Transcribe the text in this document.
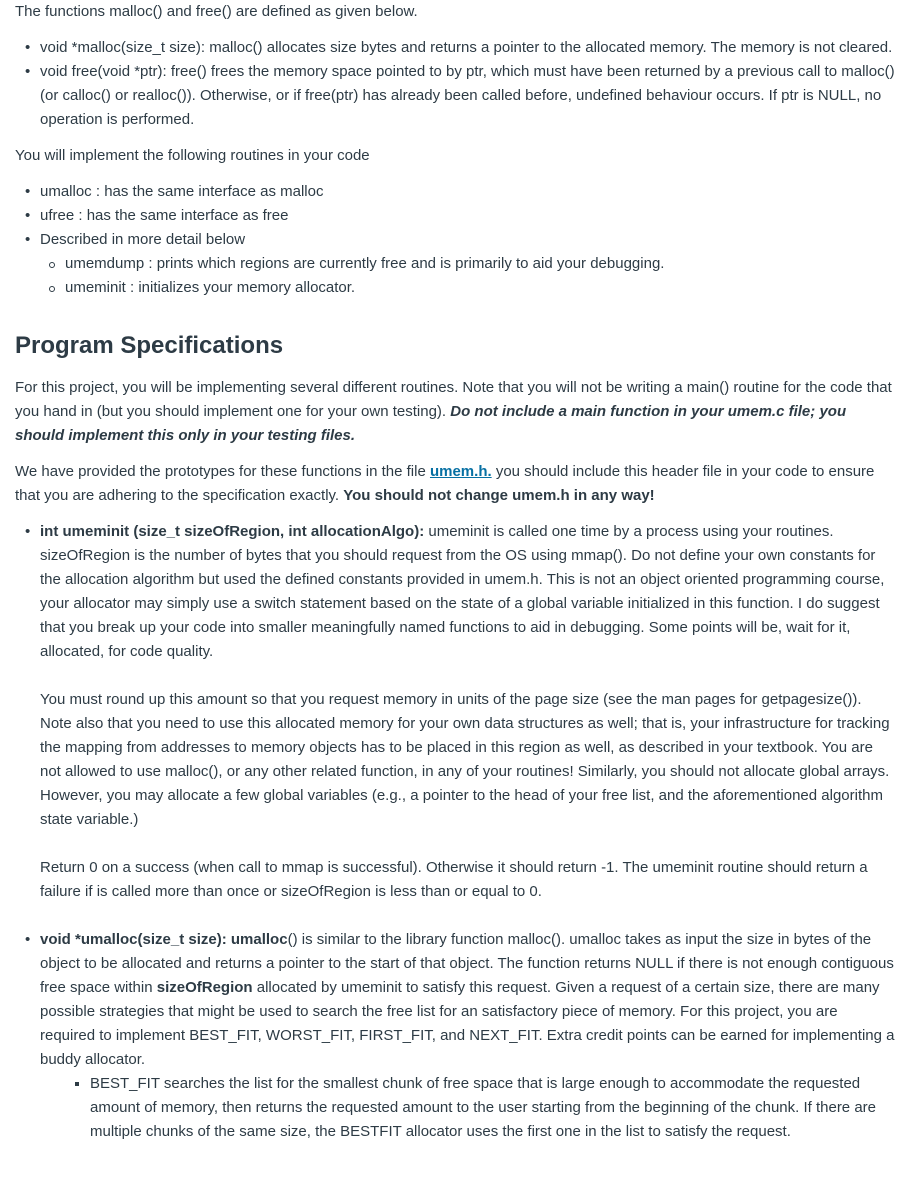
The functions malloc() and free() are defined as given below.

• void *malloc(size_t size): malloc() allocates size bytes and returns a pointer to the allocated memory. The memory is not cleared.
• void free(void *ptr): free() frees the memory space pointed to by ptr, which must have been returned by a previous call to malloc() (or calloc() or realloc()). Otherwise, or if free(ptr) has already been called before, undefined behaviour occurs. If ptr is NULL, no operation is performed.

You will implement the following routines in your code

• umalloc : has the same interface as malloc
• ufree : has the same interface as free
• Described in more detail below
umemdump : prints which regions are currently free and is primarily to aid your debugging.
umeminit : initializes your memory allocator.
Program Specifications

For this project, you will be implementing several different routines. Note that you will not be writing a main() routine for the code that you hand in (but you should implement one for your own testing). Do not include a main function in your umem.c file; you should implement this only in your testing files.

We have provided the prototypes for these functions in the file umem.h. you should include this header file in your code to ensure that you are adhering to the specification exactly. You should not change umem.h in any way!

• int umeminit (size_t sizeOfRegion, int allocationAlgo): umeminit is called one time by a process using your routines. sizeOfRegion is the number of bytes that you should request from the OS using mmap(). Do not define your own constants for the allocation algorithm but used the defined constants provided in umem.h. This is not an object oriented programming course, your allocator may simply use a switch statement based on the state of a global variable initialized in this function. I do suggest that you break up your code into smaller meaningfully named functions to aid in debugging. Some points will be, wait for it, allocated, for code quality.

You must round up this amount so that you request memory in units of the page size (see the man pages for getpagesize()). Note also that you need to use this allocated memory for your own data structures as well; that is, your infrastructure for tracking the mapping from addresses to memory objects has to be placed in this region as well, as described in your textbook. You are not allowed to use malloc(), or any other related function, in any of your routines! Similarly, you should not allocate global arrays. However, you may allocate a few global variables (e.g., a pointer to the head of your free list, and the aforementioned algorithm state variable.)

Return 0 on a success (when call to mmap is successful). Otherwise it should return -1. The umeminit routine should return a failure if is called more than once or sizeOfRegion is less than or equal to 0.

• void *umalloc(size_t size): umalloc() is similar to the library function malloc(). umalloc takes as input the size in bytes of the object to be allocated and returns a pointer to the start of that object. The function returns NULL if there is not enough contiguous free space within sizeOfRegion allocated by umeminit to satisfy this request. Given a request of a certain size, there are many possible strategies that might be used to search the free list for an satisfactory piece of memory. For this project, you are required to implement BEST_FIT, WORST_FIT, FIRST_FIT, and NEXT_FIT. Extra credit points can be earned for implementing a buddy allocator.

BEST_FIT searches the list for the smallest chunk of free space that is large enough to accommodate the requested amount of memory, then returns the requested amount to the user starting from the beginning of the chunk. If there are multiple chunks of the same size, the BESTFIT allocator uses the first one in the list to satisfy the request.
